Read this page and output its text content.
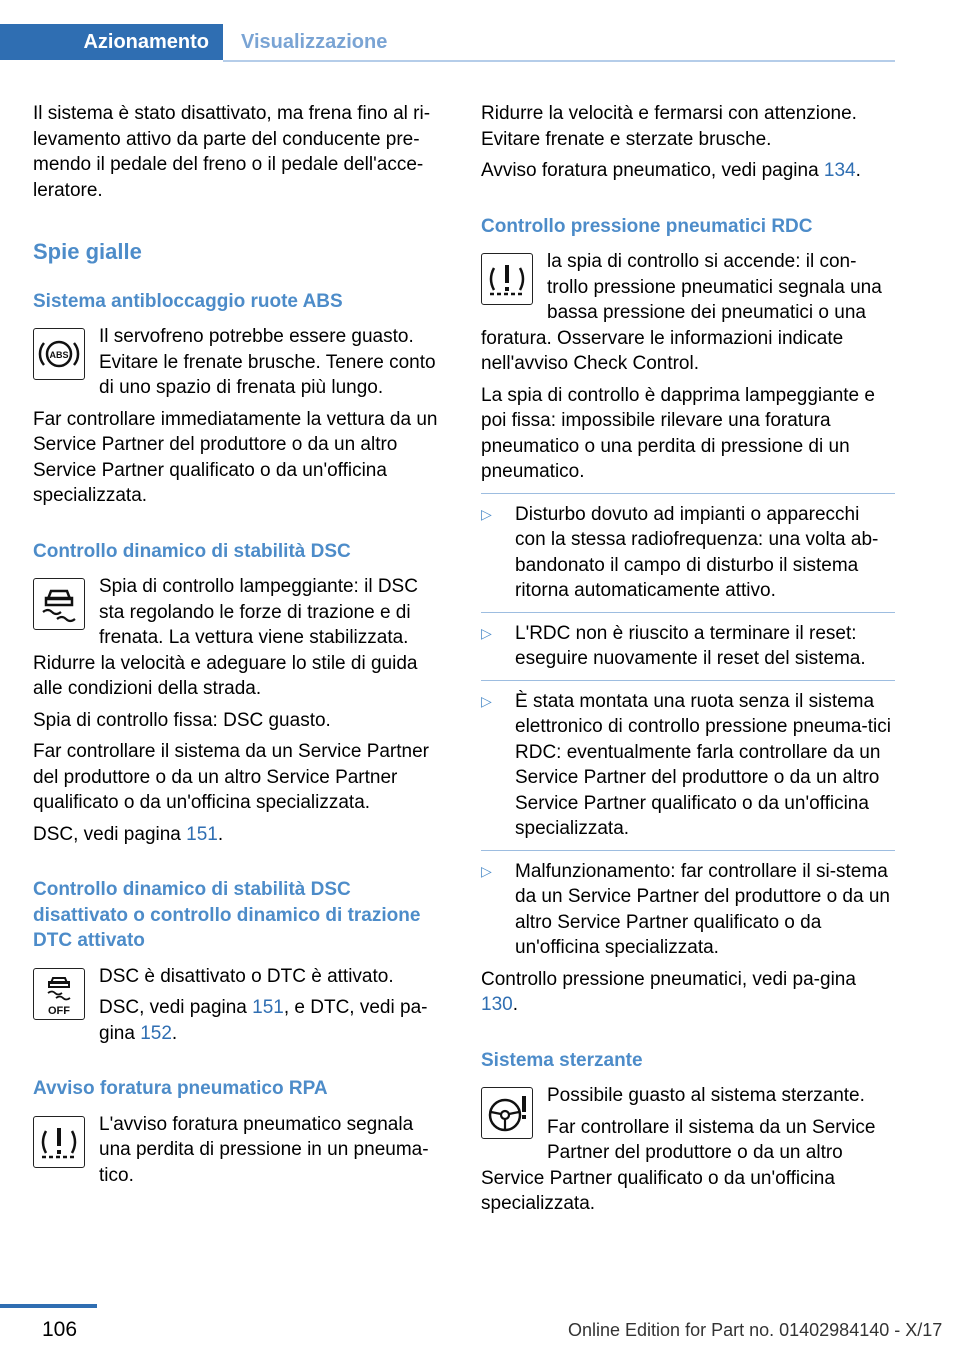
Azionamento	Visualizzazione

Il sistema è stato disattivato, ma frena fino al ri-levamento attivo da parte del conducente pre-mendo il pedale del freno o il pedale dell'acce-leratore.

Spie gialle
Sistema antibloccaggio ruote ABS
ABS

Il servofreno potrebbe essere guasto. Evitare le frenate brusche. Tenere conto di uno spazio di frenata più lungo.

Far controllare immediatamente la vettura da un Service Partner del produttore o da un altro Service Partner qualificato o da un'officina specializzata.

Controllo dinamico di stabilità DSC

Spia di controllo lampeggiante: il DSC sta regolando le forze di trazione e di frenata. La vettura viene stabilizzata. Ridurre la velocità e adeguare lo stile di guida alle condizioni della strada.

Spia di controllo fissa: DSC guasto.

Far controllare il sistema da un Service Partner del produttore o da un altro Service Partner qualificato o da un'officina specializzata.

DSC, vedi pagina 151.

Controllo dinamico di stabilità DSC disattivato o controllo dinamico di trazione DTC attivato
OFF

DSC è disattivato o DTC è attivato.

DSC, vedi pagina 151, e DTC, vedi pa-gina 152.

Avviso foratura pneumatico RPA

L'avviso foratura pneumatico segnala una perdita di pressione in un pneuma-tico.

Ridurre la velocità e fermarsi con attenzione. Evitare frenate e sterzate brusche.

Avviso foratura pneumatico, vedi pagina 134.

Controllo pressione pneumatici RDC

la spia di controllo si accende: il con-trollo pressione pneumatici segnala una bassa pressione dei pneumatici o una foratura. Osservare le informazioni indicate nell'avviso Check Control.

La spia di controllo è dapprima lampeggiante e poi fissa: impossibile rilevare una foratura pneumatico o una perdita di pressione di un pneumatico.

▷ Disturbo dovuto ad impianti o apparecchi con la stessa radiofrequenza: una volta ab-bandonato il campo di disturbo il sistema ritorna automaticamente attivo.

▷ L'RDC non è riuscito a terminare il reset: eseguire nuovamente il reset del sistema.

▷ È stata montata una ruota senza il sistema elettronico di controllo pressione pneuma-tici RDC: eventualmente farla controllare da un Service Partner del produttore o da un altro Service Partner qualificato o da un'officina specializzata.

▷ Malfunzionamento: far controllare il si-stema da un Service Partner del produttore o da un altro Service Partner qualificato o da un'officina specializzata.

Controllo pressione pneumatici, vedi pa-gina 130.

Sistema sterzante

Possibile guasto al sistema sterzante.

Far controllare il sistema da un Service Partner del produttore o da un altro Service Partner qualificato o da un'officina specializzata.

106	Online Edition for Part no. 01402984140 - X/17
